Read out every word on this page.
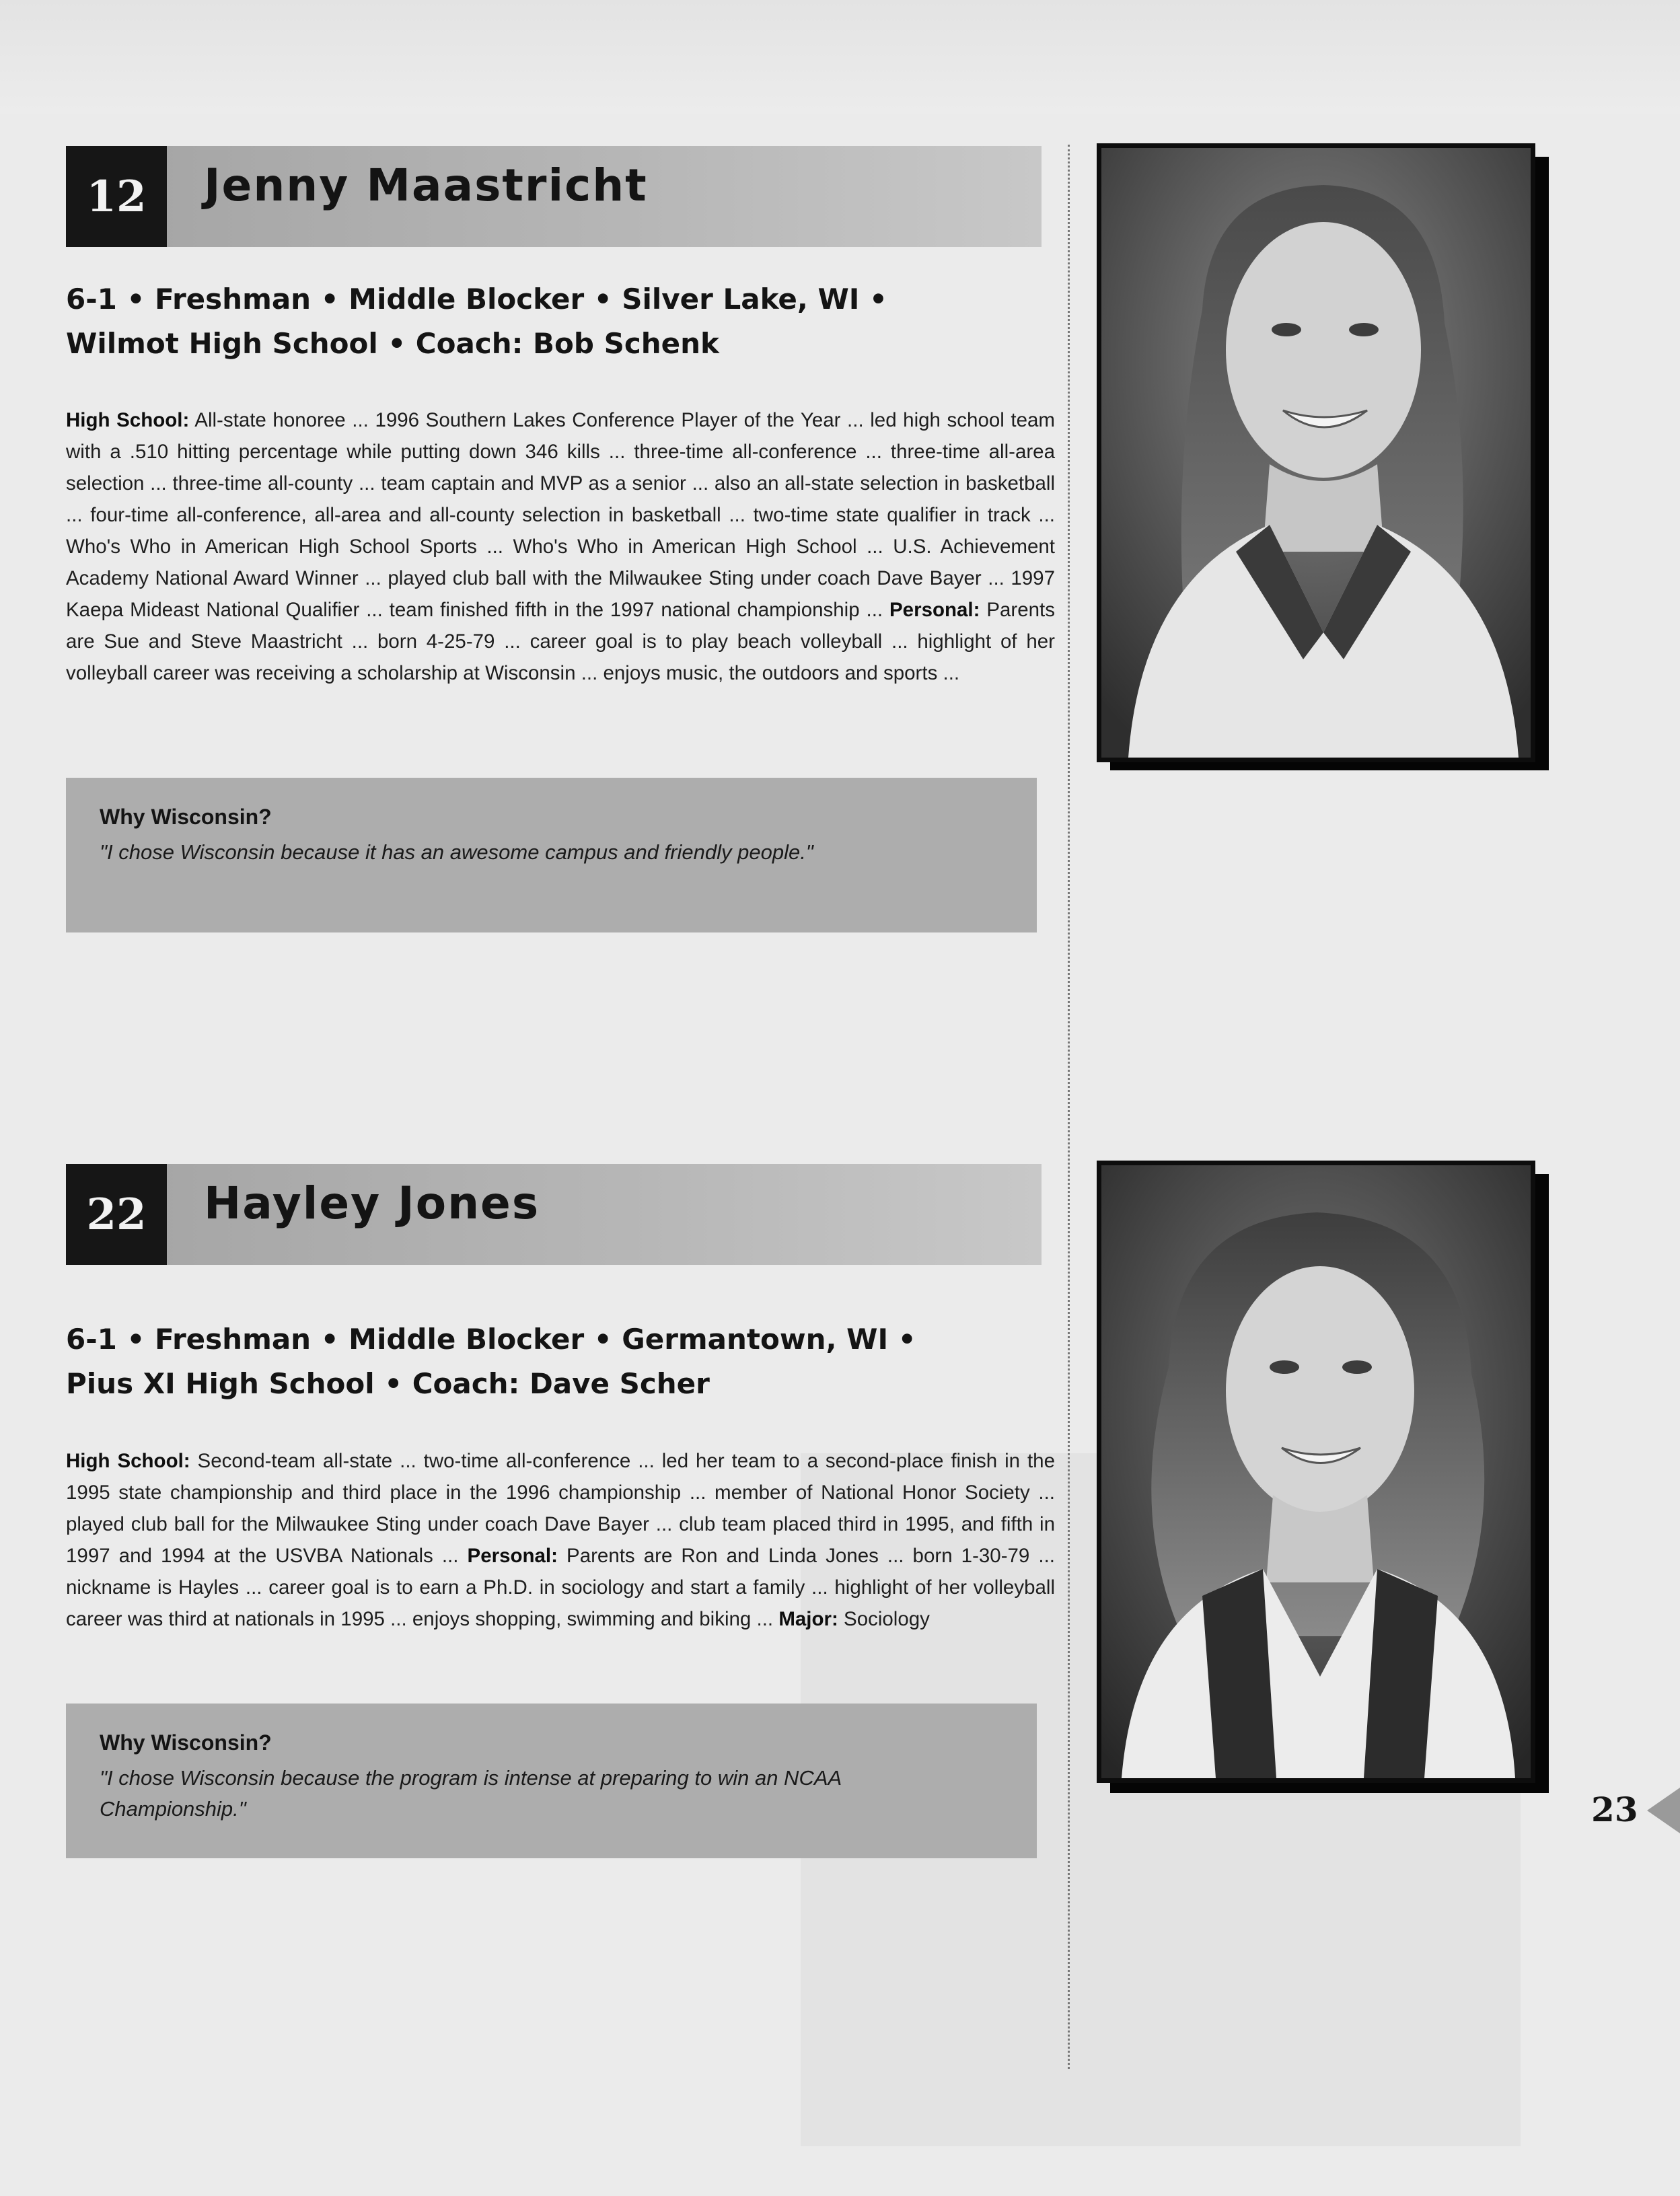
12	Jenny Maastricht
6-1 • Freshman • Middle Blocker • Silver Lake, WI •
Wilmot High School • Coach: Bob Schenk
High School: All-state honoree ... 1996 Southern Lakes Conference Player of the Year ... led high school team with a .510 hitting percentage while putting down 346 kills ... three-time all-conference ... three-time all-area selection ... three-time all-county ... team captain and MVP as a senior ... also an all-state selection in basketball ... four-time all-conference, all-area and all-county selection in basketball ... two-time state qualifier in track ... Who's Who in American High School Sports ... Who's Who in American High School ... U.S. Achievement Academy National Award Winner ... played club ball with the Milwaukee Sting under coach Dave Bayer ... 1997 Kaepa Mideast National Qualifier ... team finished fifth in the 1997 national championship ... Personal: Parents are Sue and Steve Maastricht ... born 4-25-79 ... career goal is to play beach volleyball ... highlight of her volleyball career was receiving a scholarship at Wisconsin ... enjoys music, the outdoors and sports ...
Why Wisconsin?
"I chose Wisconsin because it has an awesome campus and friendly people."
22	Hayley Jones
6-1 • Freshman • Middle Blocker • Germantown, WI •
Pius XI High School • Coach: Dave Scher
High School: Second-team all-state ... two-time all-conference ... led her team to a second-place finish in the 1995 state championship and third place in the 1996 championship ... member of National Honor Society ... played club ball for the Milwaukee Sting under coach Dave Bayer ... club team placed third in 1995, and fifth in 1997 and 1994 at the USVBA Nationals ... Personal: Parents are Ron and Linda Jones ... born 1-30-79 ... nickname is Hayles ... career goal is to earn a Ph.D. in sociology and start a family ... highlight of her volleyball career was third at nationals in 1995 ... enjoys shopping, swimming and biking ... Major: Sociology
Why Wisconsin?
"I chose Wisconsin because the program is intense at preparing to win an NCAA Championship."	23
